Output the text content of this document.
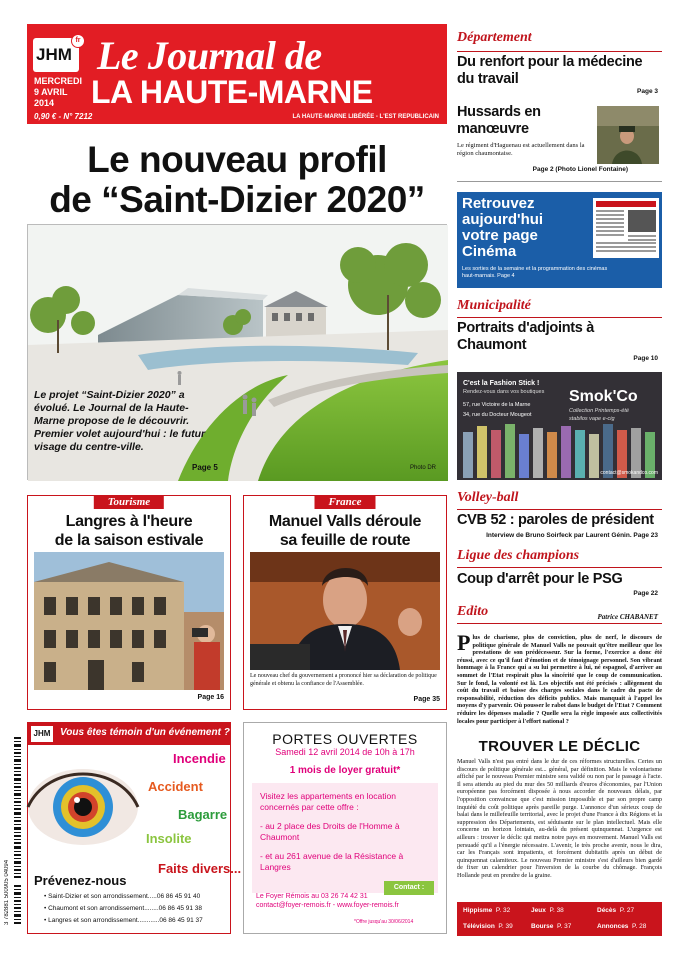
JHM
fr
MERCREDI
9 AVRIL
2014
0,90 € - N° 7212
Le Journal de
LA HAUTE-MARNE
LA HAUTE-MARNE LIBÉRÉE - L'EST REPUBLICAIN
Le nouveau profil
de “Saint-Dizier 2020”
Le projet “Saint-Dizier 2020” a évolué. Le Journal de la Haute-Marne propose de le découvrir. Premier volet aujourd'hui : le futur visage du centre-ville.
Page 5	Photo DR
Tourisme
Langres à l'heure
de la saison estivale
Page 16
France
Manuel Valls déroule
sa feuille de route
Le nouveau chef du gouvernement a prononcé hier sa déclaration de politique générale et obtenu la confiance de l'Assemblée.
Page 35
JHM Vous êtes témoin d'un événement ?
Incendie
Accident
Bagarre
Insolite
Faits divers...
Prévenez-nous
• Saint-Dizier et son arrondissement.....06 86 45 91 40
• Chaumont et son arrondissement........06 86 45 91 38
• Langres et son arrondissement............06 86 45 91 37
PORTES OUVERTES
Samedi 12 avril 2014 de 10h à 17h
1 mois de loyer gratuit*

Visitez les appartements en location concernés par cette offre :

- au 2 place des Droits de l'Homme à Chaumont

- et au 261 avenue de la Résistance à Langres

Contact :
Le Foyer Rémois au 03 26 74 42 31
contact@foyer-remois.fr - www.foyer-remois.fr
*Offre jusqu'au 30/06/2014
3 782881 500905 04094
Département
Du renfort pour la médecine du travail
Page 3
Hussards en manœuvre
Le régiment d'Haguenau est actuellement dans la région chaumontaise.
Page 2 (Photo Lionel Fontaine)
Retrouvez aujourd'hui votre page Cinéma
Les sorties de la semaine et la programmation des cinémas haut-marnais. Page 4
Municipalité
Portraits d'adjoints à Chaumont
Page 10
C'est la Fashion Stick !
Rendez-vous dans vos boutiques
57, rue Victoire de la Marne
34, rue du Docteur Mougeot
Smok'Co
Collection Printemps-été
stabilos vape e-cig
contact@smokandco.com
Volley-ball
CVB 52 : paroles de président
Interview de Bruno Soirfeck par Laurent Génin. Page 23
Ligue des champions
Coup d'arrêt pour le PSG
Page 22
Edito	Patrice CHABANET
Plus de charisme, plus de conviction, plus de nerf, le discours de politique générale de Manuel Valls ne pouvait qu'être meilleur que les prestations de son prédécesseur. Sur la forme, l'exercice a donc été réussi, avec ce qu'il faut d'émotion et de témoignage personnel. Son vibrant hommage à la France qui a su lui permettre à lui, né espagnol, d'arriver au sommet de l'Etat respirait plus la sincérité que le coup de communication. Sur le fond, la volonté est là. Les objectifs ont été précisés : allègement du coût du travail et baisse des charges sociales dans le cadre du pacte de responsabilité, réduction des déficits publics. Mais manquait à l'appel les moyens d'y parvenir. Où pousser le rabot dans le budget de l'Etat ? Comment réduire les dépenses maladie ? Quelle sera la règle imposée aux collectivités locales pour participer à l'effort national ?
TROUVER LE DÉCLIC
Manuel Valls n'est pas entré dans le dur de ces réformes structurelles. Certes un discours de politique générale est... général, par définition. Mais le volontarisme affiché par le nouveau Premier ministre sera validé ou non par le passage à l'acte. Il sera attendu au pied du mur des 50 milliards d'euros d'économies, par l'Union européenne pas forcément disposée à nous accorder de nouveaux délais, par l'opposition convaincue que c'est mission impossible et par son propre camp inquiété du coût politique après pareille purge. L'annonce d'un sérieux coup de balai dans le millefeuille territorial, avec le projet d'une France à dix Régions et la suppression des Départements, est séduisante sur le plan intellectuel. Mais elle concerne un horizon lointain, au-delà du présent quinquennat. L'urgence est ailleurs : trouver le déclic qui mettra notre pays en mouvement. Manuel Valls est persuadé qu'il a l'énergie nécessaire. L'avenir, le très proche avenir, nous le dira, car les Français sont impatients, et forcément dubitatifs après un début de quinquennat calamiteux. Le nouveau Premier ministre s'est d'ailleurs bien gardé de fixer un calendrier pour l'inversion de la courbe du chômage. François Hollande peut en prendre de la graine.
Hippisme P. 32	Jeux P. 38	Décès P. 27
Télévision P. 39	Bourse P. 37	Annonces P. 28
